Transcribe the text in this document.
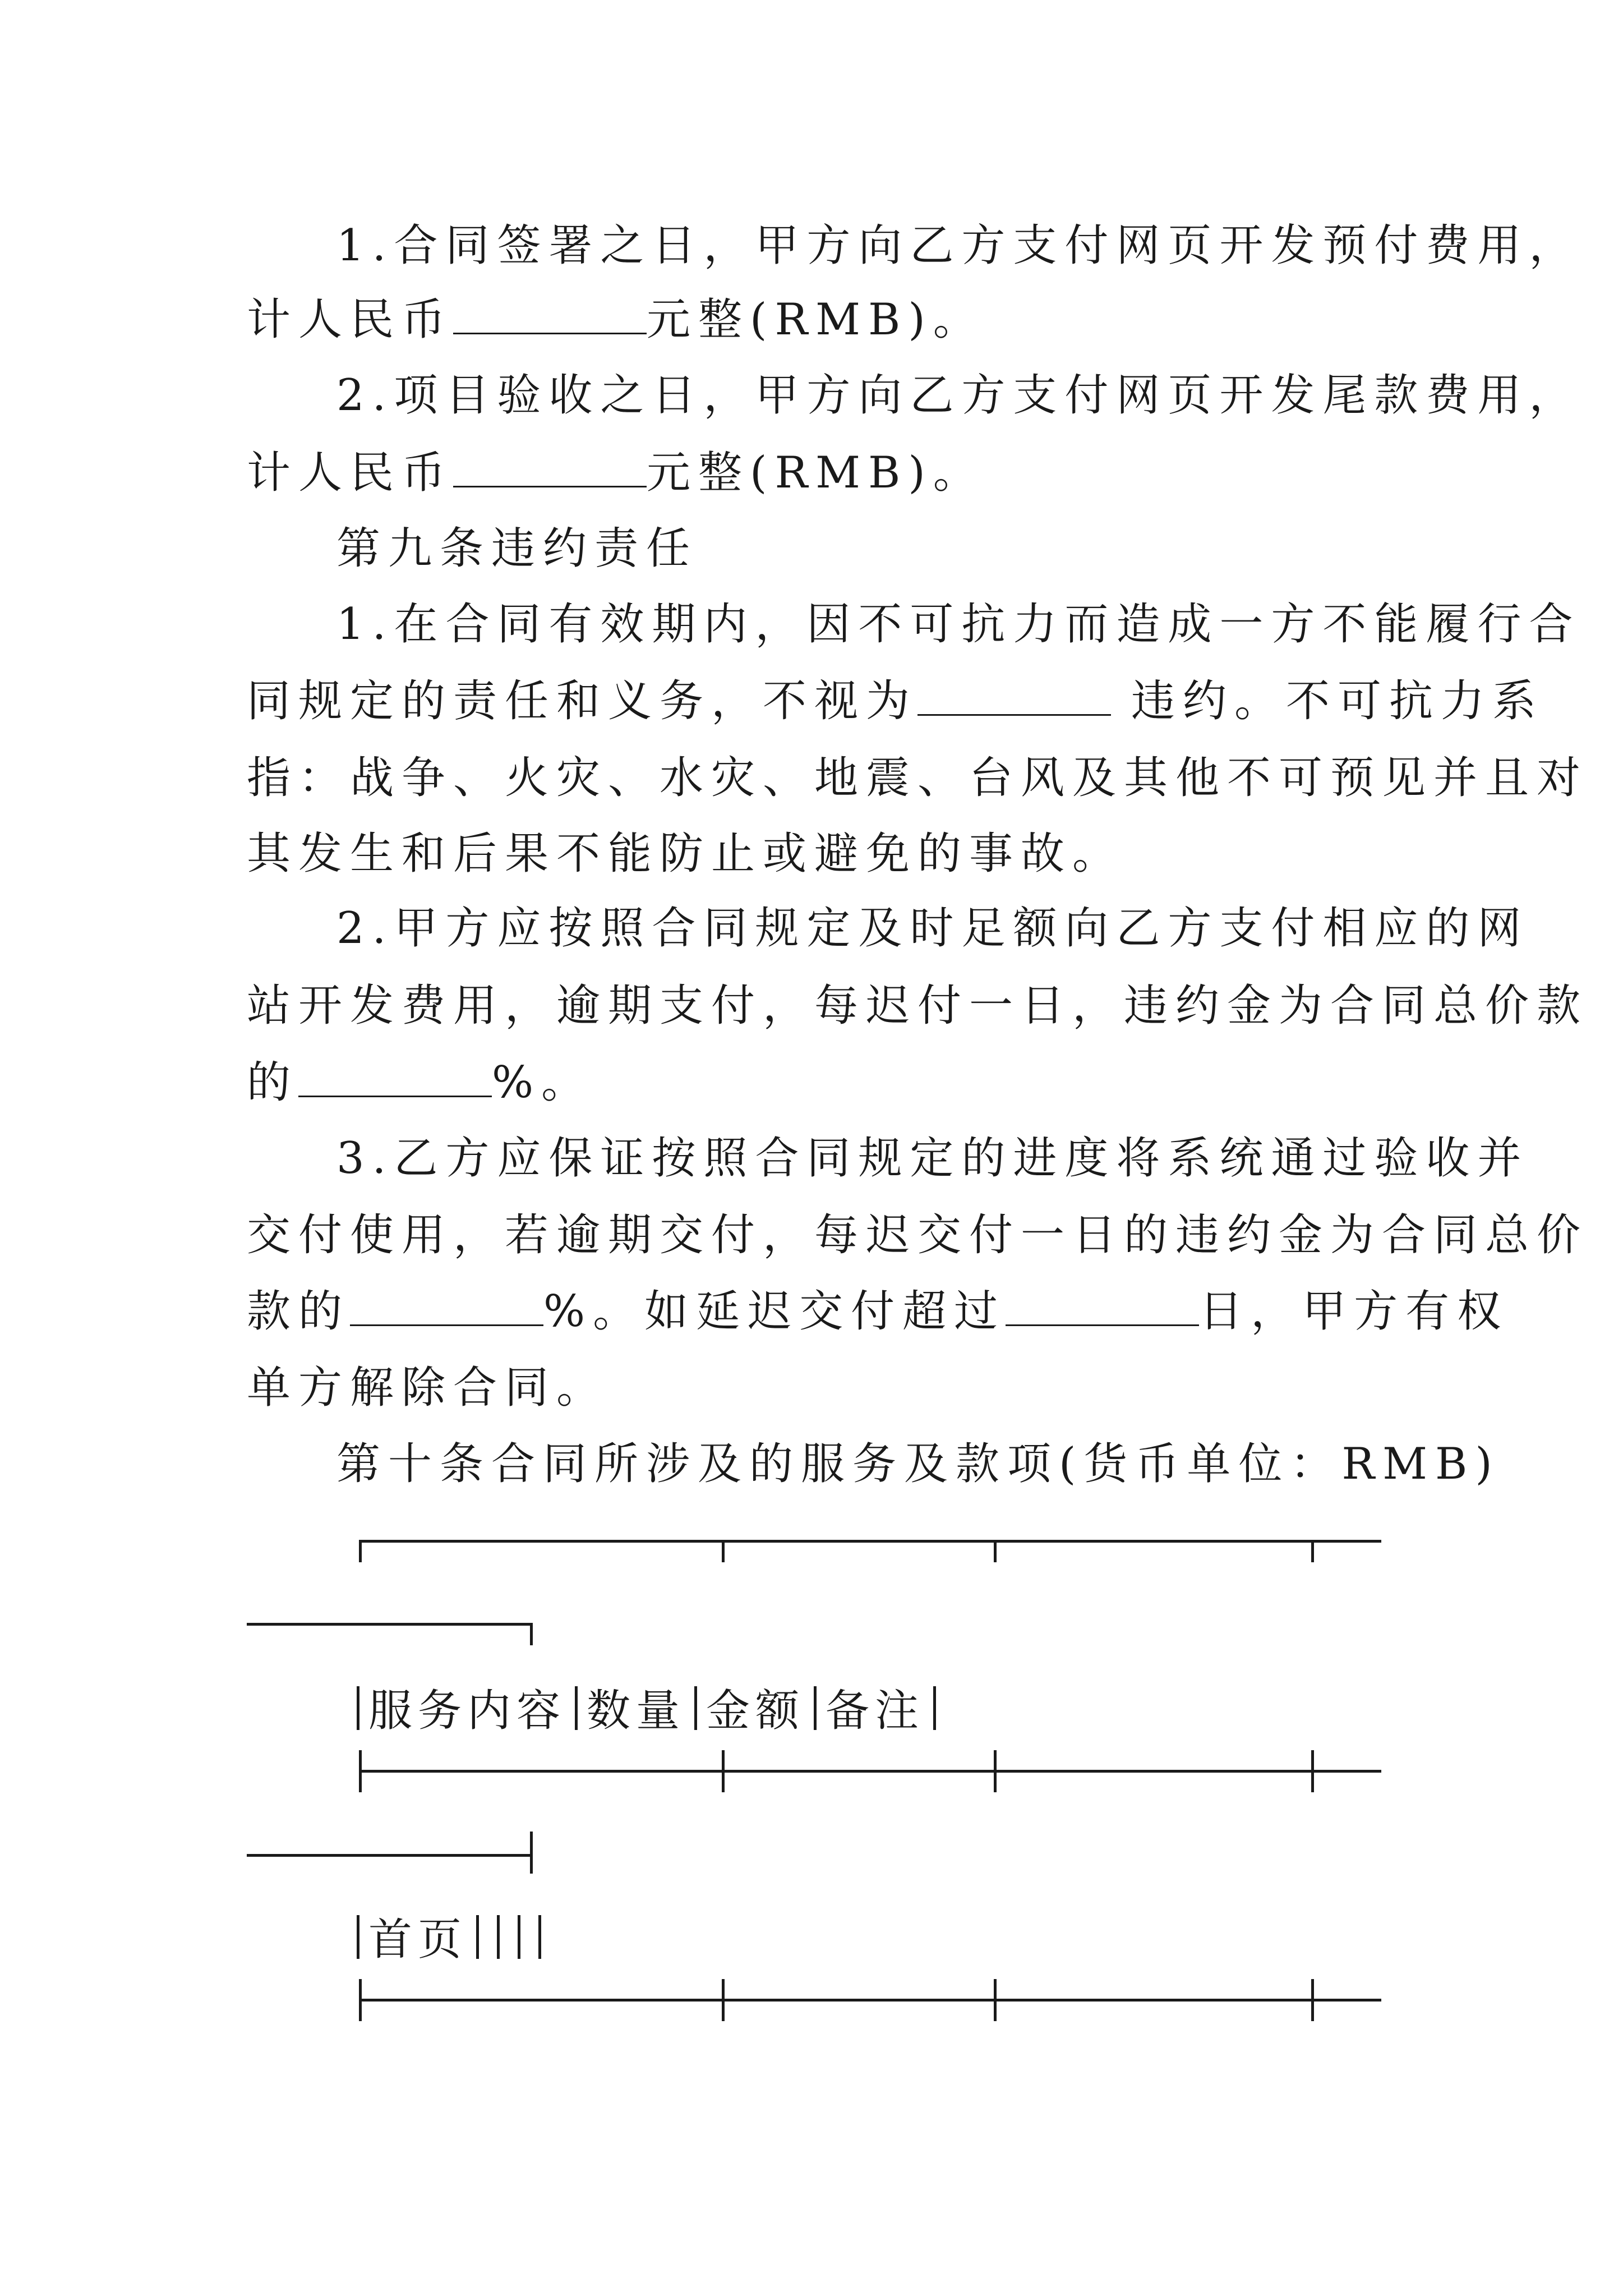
1.合同签署之日，甲方向乙方支付网页开发预付费用，
计人民币	元整(RMB)。
2.项目验收之日，甲方向乙方支付网页开发尾款费用，
计人民币	元整(RMB)。
第九条违约责任
1.在合同有效期内，因不可抗力而造成一方不能履行合
同规定的责任和义务，不视为	违约。不可抗力系
指：战争、火灾、水灾、地震、台风及其他不可预见并且对
其发生和后果不能防止或避免的事故。
2.甲方应按照合同规定及时足额向乙方支付相应的网
站开发费用，逾期支付，每迟付一日，违约金为合同总价款
的	%。
3.乙方应保证按照合同规定的进度将系统通过验收并
交付使用，若逾期交付，每迟交付一日的违约金为合同总价
款的	%。如延迟交付超过	日，甲方有权
单方解除合同。
第十条合同所涉及的服务及款项(货币单位：RMB)
服务内容 数量 金额 备注
首页
